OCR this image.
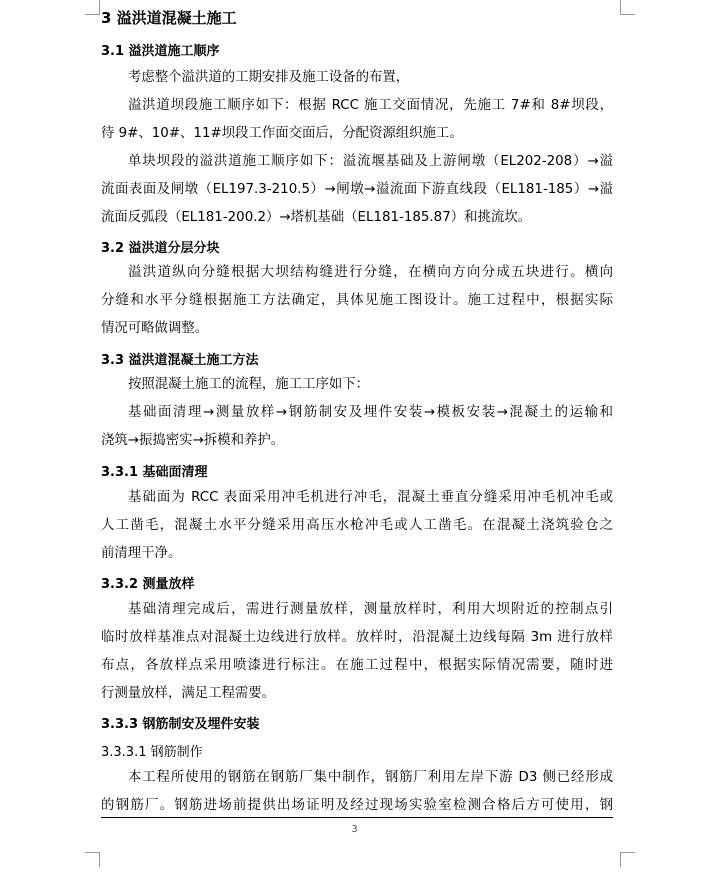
3 溢洪道混凝土施工
3.1 溢洪道施工顺序
考虑整个溢洪道的工期安排及施工设备的布置，
溢洪道坝段施工顺序如下：根据 RCC 施工交面情况，先施工 7#和 8#坝段，
待 9#、10#、11#坝段工作面交面后，分配资源组织施工。
单块坝段的溢洪道施工顺序如下：溢流堰基础及上游闸墩（EL202-208）→溢
流面表面及闸墩（EL197.3-210.5）→闸墩→溢流面下游直线段（EL181-185）→溢
流面反弧段（EL181-200.2）→塔机基础（EL181-185.87）和挑流坎。
3.2 溢洪道分层分块
溢洪道纵向分缝根据大坝结构缝进行分缝，在横向方向分成五块进行。横向
分缝和水平分缝根据施工方法确定，具体见施工图设计。施工过程中，根据实际
情况可略做调整。
3.3 溢洪道混凝土施工方法
按照混凝土施工的流程，施工工序如下：
基础面清理→测量放样→钢筋制安及埋件安装→模板安装→混凝土的运输和
浇筑→振捣密实→拆模和养护。
3.3.1 基础面清理
基础面为 RCC 表面采用冲毛机进行冲毛，混凝土垂直分缝采用冲毛机冲毛或
人工凿毛，混凝土水平分缝采用高压水枪冲毛或人工凿毛。在混凝土浇筑验仓之
前清理干净。
3.3.2 测量放样
基础清理完成后，需进行测量放样，测量放样时，利用大坝附近的控制点引
临时放样基准点对混凝土边线进行放样。放样时，沿混凝土边线每隔 3m 进行放样
布点，各放样点采用喷漆进行标注。在施工过程中，根据实际情况需要，随时进
行测量放样，满足工程需要。
3.3.3 钢筋制安及埋件安装
3.3.3.1 钢筋制作
本工程所使用的钢筋在钢筋厂集中制作，钢筋厂利用左岸下游 D3 侧已经形成
的钢筋厂。钢筋进场前提供出场证明及经过现场实验室检测合格后方可使用，钢
3
